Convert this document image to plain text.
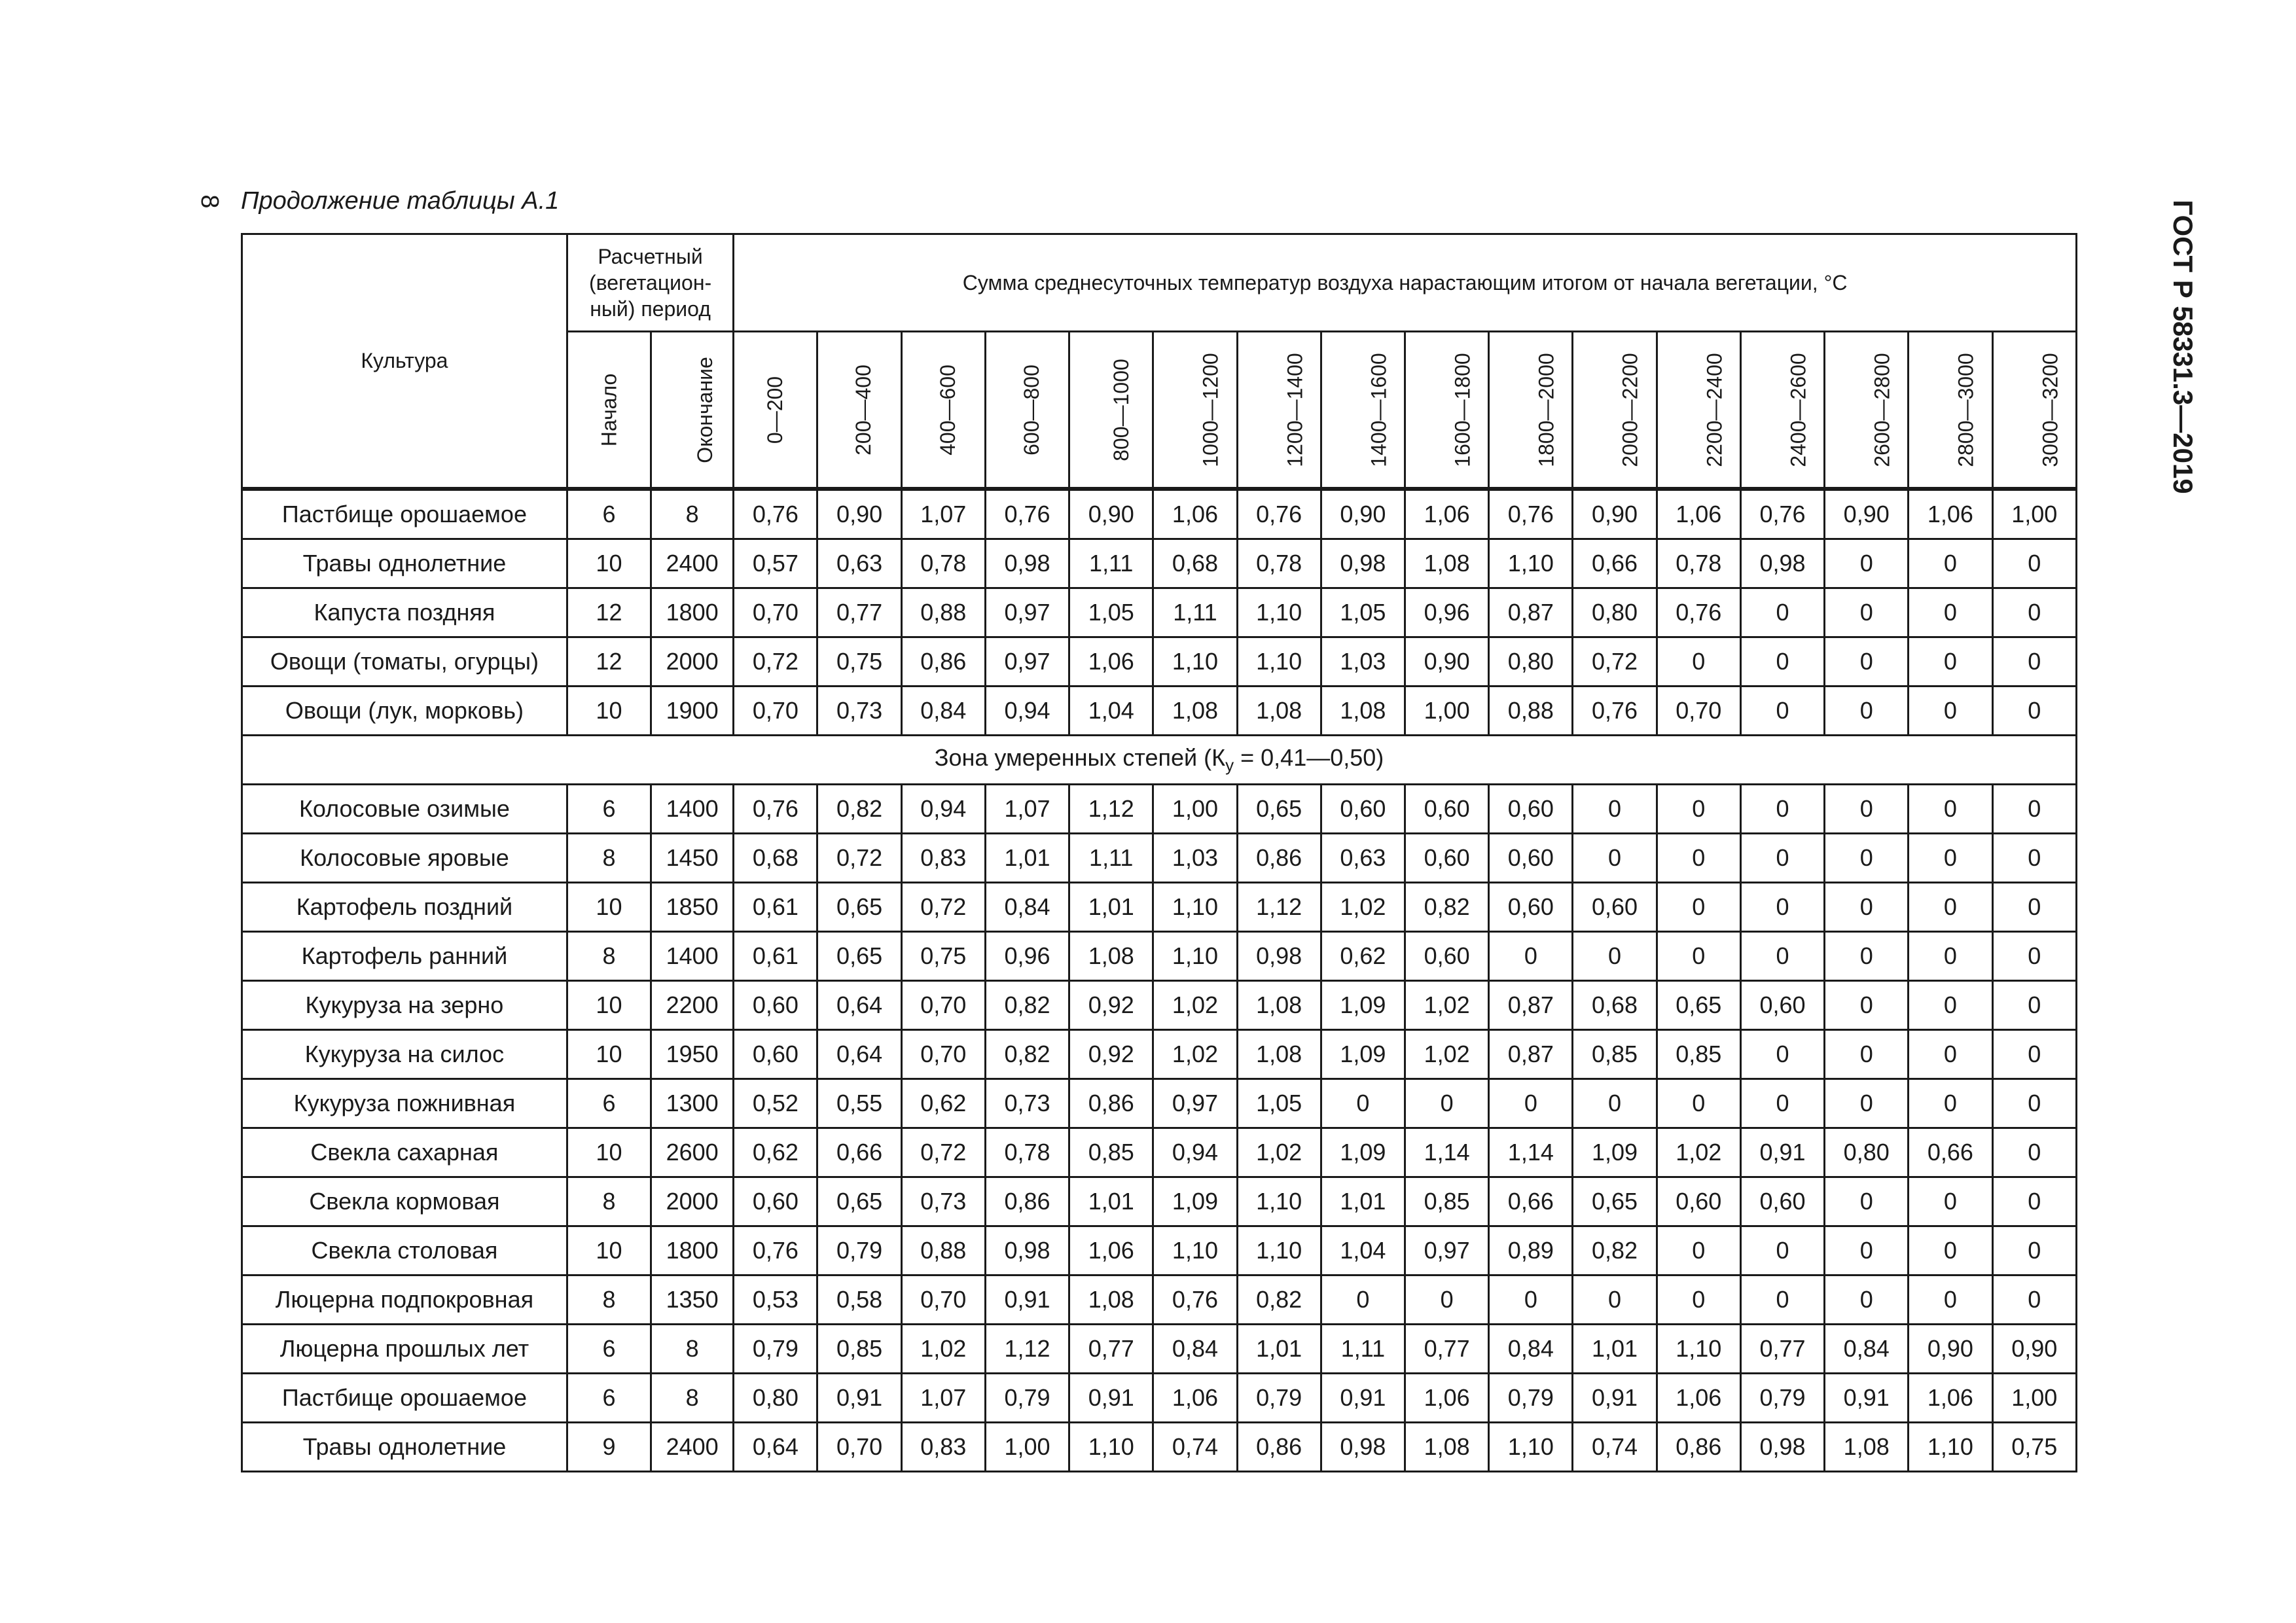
8 Продолжение таблицы А.1	ГОСТ Р 58331.3—2019
Культура	Расчетный (вегетацион-ный) период		Сумма среднесуточных температур воздуха нарастающим итогом от начала вегетации, °С															
	Начало	Окончание	0—200	200—400	400—600	600—800	800—1000	1000—1200	1200—1400	1400—1600	1600—1800	1800—2000	2000—2200	2200—2400	2400—2600	2600—2800	2800—3000	3000—3200
Пастбище орошаемое	6	8	0,76	0,90	1,07	0,76	0,90	1,06	0,76	0,90	1,06	0,76	0,90	1,06	0,76	0,90	1,06	1,00
Травы однолетние	10	2400	0,57	0,63	0,78	0,98	1,11	0,68	0,78	0,98	1,08	1,10	0,66	0,78	0,98	0	0	0
Капуста поздняя	12	1800	0,70	0,77	0,88	0,97	1,05	1,11	1,10	1,05	0,96	0,87	0,80	0,76	0	0	0	0
Овощи (томаты, огурцы)	12	2000	0,72	0,75	0,86	0,97	1,06	1,10	1,10	1,03	0,90	0,80	0,72	0	0	0	0	0
Овощи (лук, морковь)	10	1900	0,70	0,73	0,84	0,94	1,04	1,08	1,08	1,08	1,00	0,88	0,76	0,70	0	0	0	0
Зона умеренных степей ($К_у$ = 0,41—0,50)																		
Колосовые озимые	6	1400	0,76	0,82	0,94	1,07	1,12	1,00	0,65	0,60	0,60	0,60	0	0	0	0	0	0
Колосовые яровые	8	1450	0,68	0,72	0,83	1,01	1,11	1,03	0,86	0,63	0,60	0,60	0	0	0	0	0	0
Картофель поздний	10	1850	0,61	0,65	0,72	0,84	1,01	1,10	1,12	1,02	0,82	0,60	0,60	0	0	0	0	0
Картофель ранний	8	1400	0,61	0,65	0,75	0,96	1,08	1,10	0,98	0,62	0,60	0	0	0	0	0	0	0
Кукуруза на зерно	10	2200	0,60	0,64	0,70	0,82	0,92	1,02	1,08	1,09	1,02	0,87	0,68	0,65	0,60	0	0	0
Кукуруза на силос	10	1950	0,60	0,64	0,70	0,82	0,92	1,02	1,08	1,09	1,02	0,87	0,85	0,85	0	0	0	0
Кукуруза пожнивная	6	1300	0,52	0,55	0,62	0,73	0,86	0,97	1,05	0	0	0	0	0	0	0	0	0
Свекла сахарная	10	2600	0,62	0,66	0,72	0,78	0,85	0,94	1,02	1,09	1,14	1,14	1,09	1,02	0,91	0,80	0,66	0
Свекла кормовая	8	2000	0,60	0,65	0,73	0,86	1,01	1,09	1,10	1,01	0,85	0,66	0,65	0,60	0,60	0	0	0
Свекла столовая	10	1800	0,76	0,79	0,88	0,98	1,06	1,10	1,10	1,04	0,97	0,89	0,82	0	0	0	0	0
Люцерна подпокровная	8	1350	0,53	0,58	0,70	0,91	1,08	0,76	0,82	0	0	0	0	0	0	0	0	0
Люцерна прошлых лет	6	8	0,79	0,85	1,02	1,12	0,77	0,84	1,01	1,11	0,77	0,84	1,01	1,10	0,77	0,84	0,90	0,90
Пастбище орошаемое	6	8	0,80	0,91	1,07	0,79	0,91	1,06	0,79	0,91	1,06	0,79	0,91	1,06	0,79	0,91	1,06	1,00
Травы однолетние	9	2400	0,64	0,70	0,83	1,00	1,10	0,74	0,86	0,98	1,08	1,10	0,74	0,86	0,98	1,08	1,10	0,75
